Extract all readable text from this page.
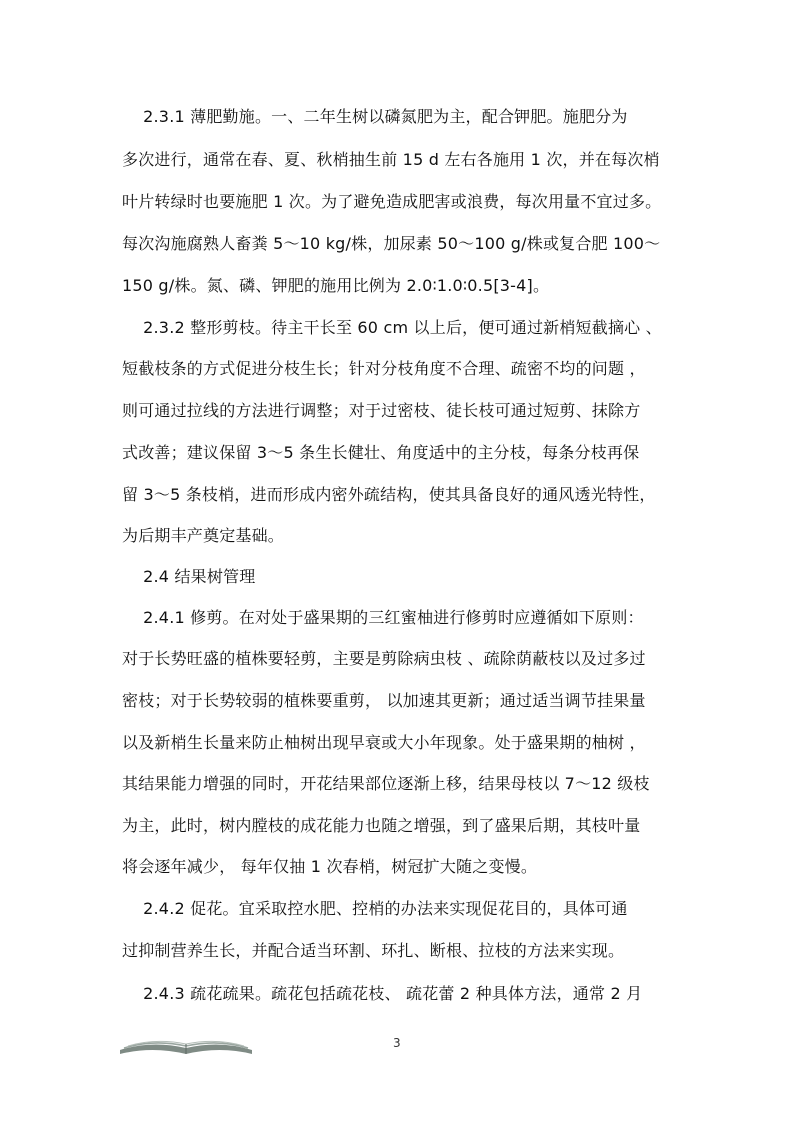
2.3.1 薄肥勤施。一、二年生树以磷氮肥为主，配合钾肥。施肥分为
多次进行，通常在春、夏、秋梢抽生前 15 d 左右各施用 1 次，并在每次梢
叶片转绿时也要施肥 1 次。为了避免造成肥害或浪费，每次用量不宜过多。
每次沟施腐熟人畜粪 5～10 kg/株，加尿素 50～100 g/株或复合肥 100～
150 g/株。氮、磷、钾肥的施用比例为 2.0∶1.0∶0.5[3-4]。
2.3.2 整形剪枝。待主干长至 60 cm 以上后，便可通过新梢短截摘心 、
短截枝条的方式促进分枝生长；针对分枝角度不合理、疏密不均的问题 ，
则可通过拉线的方法进行调整；对于过密枝、徒长枝可通过短剪、抹除方
式改善；建议保留 3～5 条生长健壮、角度适中的主分枝，每条分枝再保
留 3～5 条枝梢，进而形成内密外疏结构，使其具备良好的通风透光特性，
为后期丰产奠定基础。
2.4 结果树管理
2.4.1 修剪。在对处于盛果期的三红蜜柚进行修剪时应遵循如下原则：
对于长势旺盛的植株要轻剪，主要是剪除病虫枝 、疏除荫蔽枝以及过多过
密枝；对于长势较弱的植株要重剪， 以加速其更新；通过适当调节挂果量
以及新梢生长量来防止柚树出现早衰或大小年现象。处于盛果期的柚树 ，
其结果能力增强的同时，开花结果部位逐渐上移，结果母枝以 7～12 级枝
为主，此时，树内膛枝的成花能力也随之增强，到了盛果后期，其枝叶量
将会逐年减少， 每年仅抽 1 次春梢，树冠扩大随之变慢。
2.4.2 促花。宜采取控水肥、控梢的办法来实现促花目的，具体可通
过抑制营养生长，并配合适当环割、环扎、断根、拉枝的方法来实现。
2.4.3 疏花疏果。疏花包括疏花枝、 疏花蕾 2 种具体方法，通常 2 月
3
